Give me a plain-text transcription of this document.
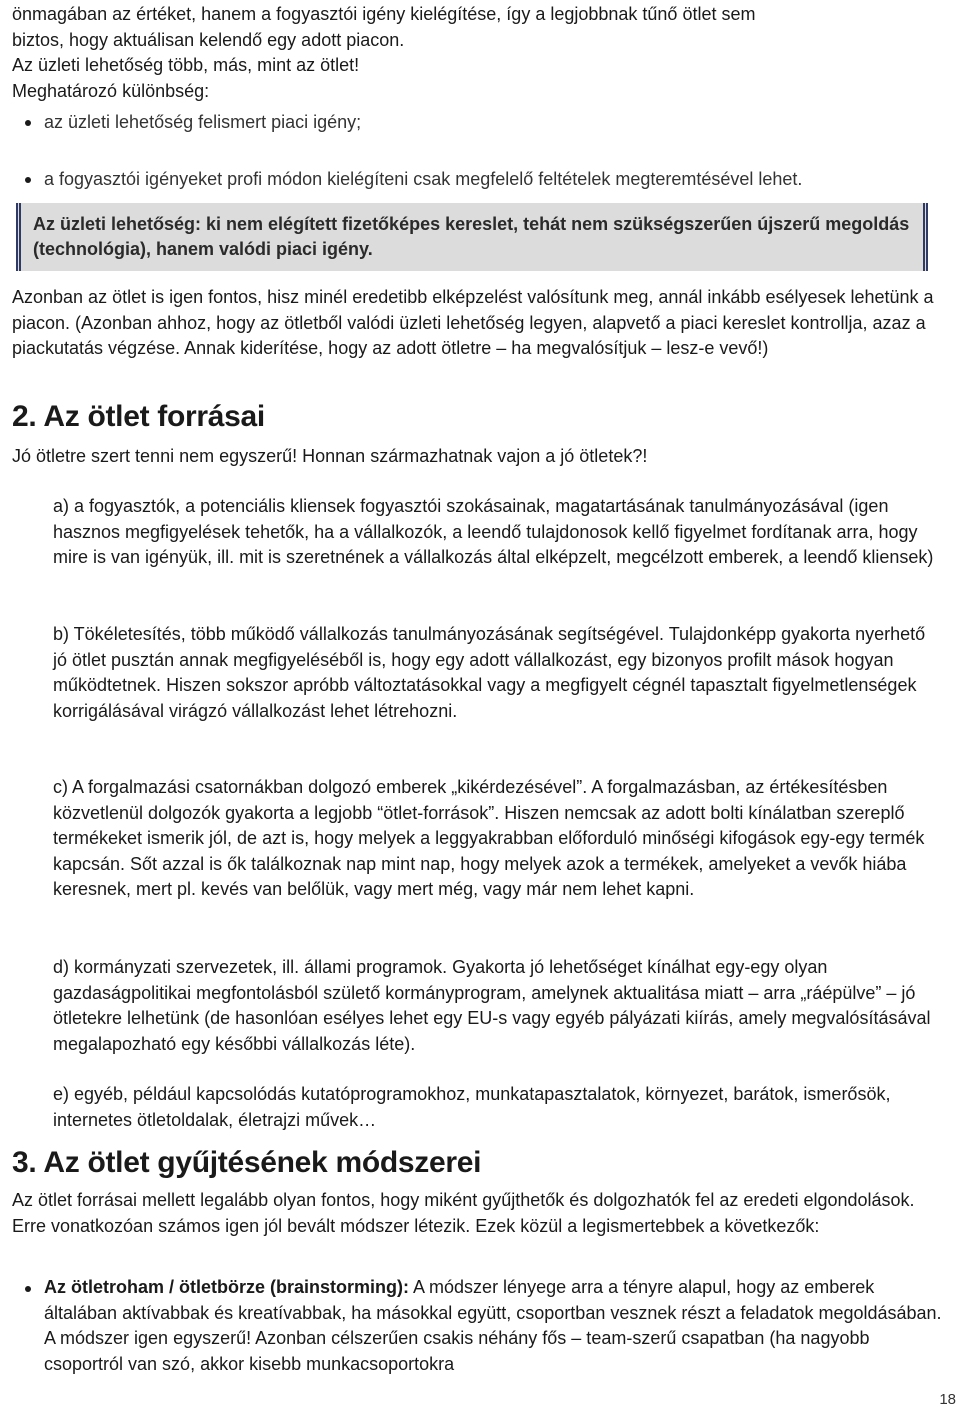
önmagában az értéket, hanem a fogyasztói igény kielégítése, így a legjobbnak tűnő ötlet sem

biztos, hogy aktuálisan kelendő egy adott piacon.

Az üzleti lehetőség több, más, mint az ötlet!

Meghatározó különbség:

az üzleti lehetőség felismert piaci igény;
a fogyasztói igényeket profi módon kielégíteni csak megfelelő feltételek megteremtésével lehet.

Az üzleti lehetőség: ki nem elégített fizetőképes kereslet, tehát nem szükségszerűen újszerű megoldás (technológia), hanem valódi piaci igény.

Azonban az ötlet is igen fontos, hisz minél eredetibb elképzelést valósítunk meg, annál inkább esélyesek lehetünk a piacon. (Azonban ahhoz, hogy az ötletből valódi üzleti lehetőség legyen, alapvető a piaci kereslet kontrollja, azaz a piackutatás végzése. Annak kiderítése, hogy az adott ötletre – ha megvalósítjuk – lesz-e vevő!)

2. Az ötlet forrásai

Jó ötletre szert tenni nem egyszerű! Honnan származhatnak vajon a jó ötletek?!

a) a fogyasztók, a potenciális kliensek fogyasztói szokásainak, magatartásának tanulmányozásával (igen hasznos megfigyelések tehetők, ha a vállalkozók, a leendő tulajdonosok kellő figyelmet fordítanak arra, hogy mire is van igényük, ill. mit is szeretnének a vállalkozás által elképzelt, megcélzott emberek, a leendő kliensek)

b) Tökéletesítés, több működő vállalkozás tanulmányozásának segítségével. Tulajdonképp gyakorta nyerhető jó ötlet pusztán annak megfigyeléséből is, hogy egy adott vállalkozást, egy bizonyos profilt mások hogyan működtetnek. Hiszen sokszor apróbb változtatásokkal vagy a megfigyelt cégnél tapasztalt figyelmetlenségek korrigálásával virágzó vállalkozást lehet létrehozni.

c) A forgalmazási csatornákban dolgozó emberek „kikérdezésével”. A forgalmazásban, az értékesítésben közvetlenül dolgozók gyakorta a legjobb “ötlet-források”. Hiszen nemcsak az adott bolti kínálatban szereplő termékeket ismerik jól, de azt is, hogy melyek a leggyakrabban előforduló minőségi kifogások egy-egy termék kapcsán. Sőt azzal is ők találkoznak nap mint nap, hogy melyek azok a termékek, amelyeket a vevők hiába keresnek, mert pl. kevés van belőlük, vagy mert még, vagy már nem lehet kapni.

d) kormányzati szervezetek, ill. állami programok. Gyakorta jó lehetőséget kínálhat egy-egy olyan gazdaságpolitikai megfontolásból születő kormányprogram, amelynek aktualitása miatt – arra „ráépülve” – jó ötletekre lelhetünk (de hasonlóan esélyes lehet egy EU-s vagy egyéb pályázati kiírás, amely megvalósításával megalapozható egy későbbi vállalkozás léte).

e) egyéb, például kapcsolódás kutatóprogramokhoz, munkatapasztalatok, környezet, barátok, ismerősök, internetes ötletoldalak, életrajzi művek…

3. Az ötlet gyűjtésének módszerei

Az ötlet forrásai mellett legalább olyan fontos, hogy miként gyűjthetők és dolgozhatók fel az eredeti elgondolások. Erre vonatkozóan számos igen jól bevált módszer létezik. Ezek közül a legismertebbek a következők:

Az ötletroham / ötletbörze (brainstorming): A módszer lényege arra a tényre alapul, hogy az emberek általában aktívabbak és kreatívabbak, ha másokkal együtt, csoportban vesznek részt a feladatok megoldásában. A módszer igen egyszerű! Azonban célszerűen csakis néhány fős – team-szerű csapatban (ha nagyobb csoportról van szó, akkor kisebb munkacsoportokra
18
